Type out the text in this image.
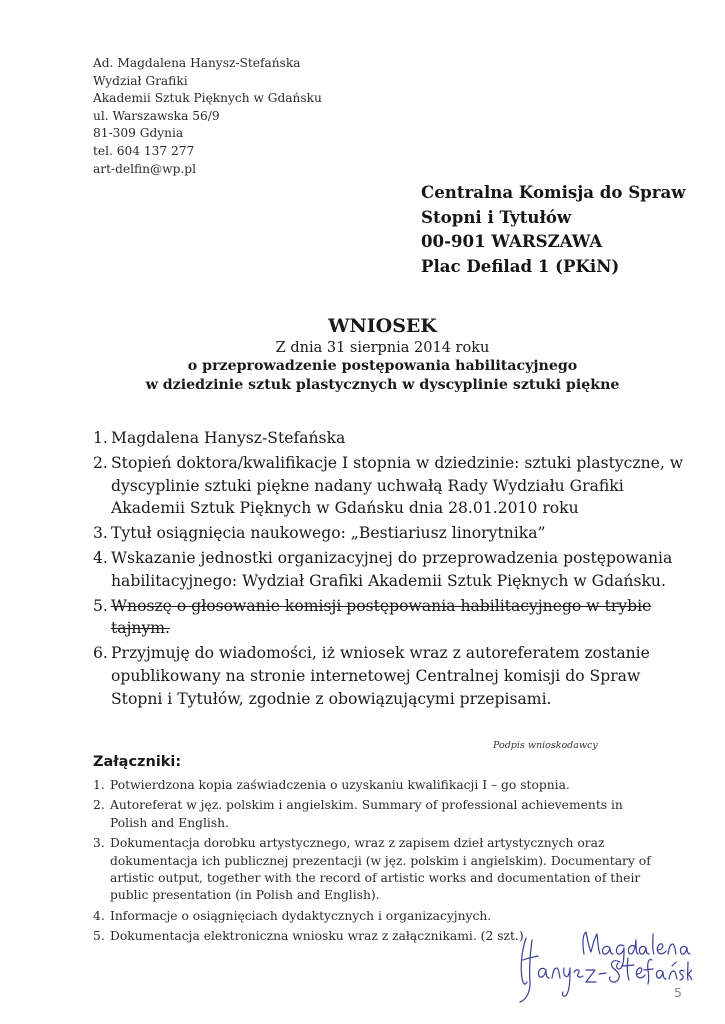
Ad. Magdalena Hanysz-Stefańska
Wydział Grafiki
Akademii Sztuk Pięknych w Gdańsku
ul. Warszawska 56/9
81-309 Gdynia
tel. 604 137 277
art-delfin@wp.pl
Centralna Komisja do Spraw
Stopni i Tytułów
00-901 WARSZAWA
Plac Defilad 1 (PKiN)
WNIOSEK
Z dnia 31 sierpnia 2014 roku
o przeprowadzenie postępowania habilitacyjnego
w dziedzinie sztuk plastycznych w dyscyplinie sztuki piękne
1. Magdalena Hanysz-Stefańska
2. Stopień doktora/kwalifikacje I stopnia w dziedzinie: sztuki plastyczne, w dyscyplinie sztuki piękne nadany uchwałą Rady Wydziału Grafiki Akademii Sztuk Pięknych w Gdańsku dnia 28.01.2010 roku
3. Tytuł osiągnięcia naukowego: „Bestiariusz linorytnika”
4. Wskazanie jednostki organizacyjnej do przeprowadzenia postępowania habilitacyjnego: Wydział Grafiki Akademii Sztuk Pięknych w Gdańsku.
5. Wnoszę o głosowanie komisji postępowania habilitacyjnego w trybie tajnym.
6. Przyjmuję do wiadomości, iż wniosek wraz z autoreferatem zostanie opublikowany na stronie internetowej Centralnej komisji do Spraw Stopni i Tytułów, zgodnie z obowiązującymi przepisami.
Podpis wnioskodawcy
Załączniki:
1. Potwierdzona kopia zaświadczenia o uzyskaniu kwalifikacji I – go stopnia.
2. Autoreferat w jęz. polskim i angielskim. Summary of professional achievements in Polish and English.
3. Dokumentacja dorobku artystycznego, wraz z zapisem dzieł artystycznych oraz dokumentacja ich publicznej prezentacji (w jęz. polskim i angielskim). Documentary of artistic output, together with the record of artistic works and documentation of their public presentation (in Polish and English).
4. Informacje o osiągnięciach dydaktycznych i organizacyjnych.
5. Dokumentacja elektroniczna wniosku wraz z załącznikami. (2 szt.)
5
